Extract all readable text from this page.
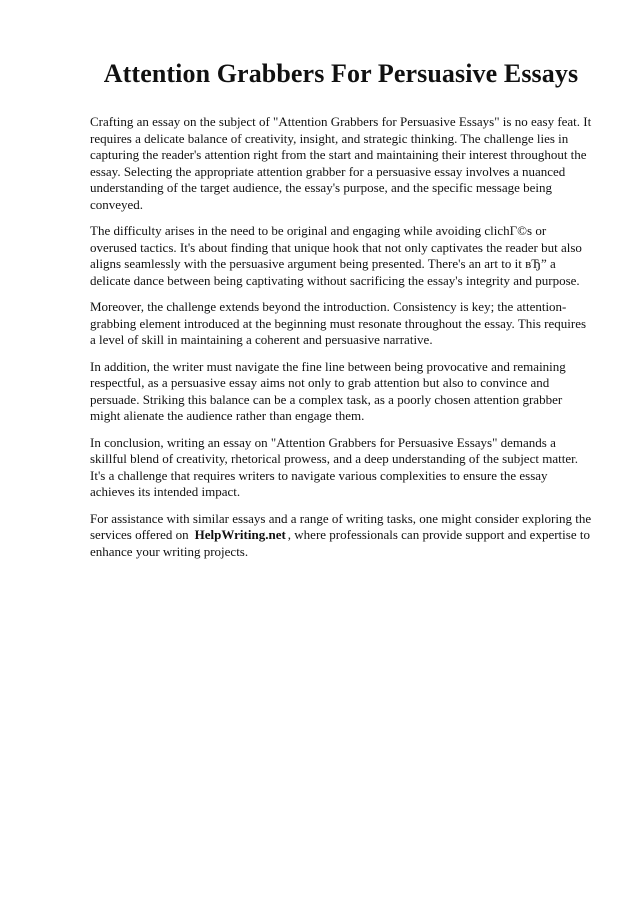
Attention Grabbers For Persuasive Essays

Crafting an essay on the subject of "Attention Grabbers for Persuasive Essays" is no easy feat. It requires a delicate balance of creativity, insight, and strategic thinking. The challenge lies in capturing the reader's attention right from the start and maintaining their interest throughout the essay. Selecting the appropriate attention grabber for a persuasive essay involves a nuanced understanding of the target audience, the essay's purpose, and the specific message being conveyed.

The difficulty arises in the need to be original and engaging while avoiding clichГ©s or overused tactics. It's about finding that unique hook that not only captivates the reader but also aligns seamlessly with the persuasive argument being presented. There's an art to it вЂ” a delicate dance between being captivating without sacrificing the essay's integrity and purpose.

Moreover, the challenge extends beyond the introduction. Consistency is key; the attention-grabbing element introduced at the beginning must resonate throughout the essay. This requires a level of skill in maintaining a coherent and persuasive narrative.

In addition, the writer must navigate the fine line between being provocative and remaining respectful, as a persuasive essay aims not only to grab attention but also to convince and persuade. Striking this balance can be a complex task, as a poorly chosen attention grabber might alienate the audience rather than engage them.

In conclusion, writing an essay on "Attention Grabbers for Persuasive Essays" demands a skillful blend of creativity, rhetorical prowess, and a deep understanding of the subject matter. It's a challenge that requires writers to navigate various complexities to ensure the essay achieves its intended impact.

For assistance with similar essays and a range of writing tasks, one might consider exploring the services offered on HelpWriting.net , where professionals can provide support and expertise to enhance your writing projects.
